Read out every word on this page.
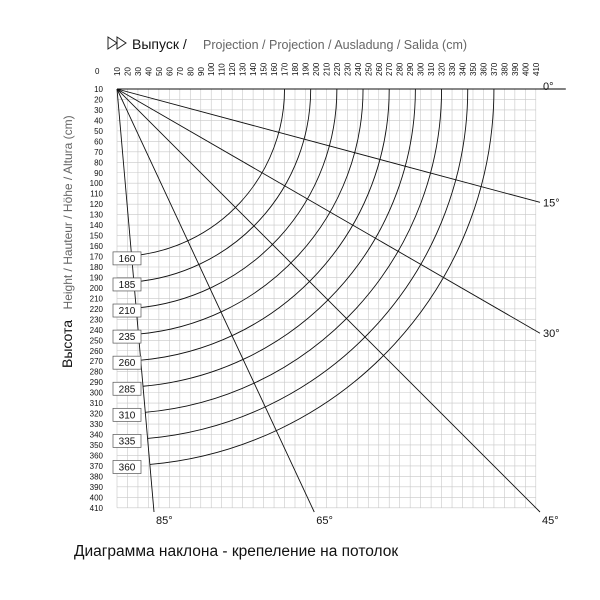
10 20 30 40 50 60 70 80 90 100 110 120 130 140 150 160 170 180 190 200 210 220 230 240 250 260 270 280 290 300 310 320 330 340 350 360 370 380 390 400 410
10
20
30
40
50
60
70
80
90
100
110
120
130
140
150
160
170
180
190
200
210
220
230
240
250
260
270
280
290
300
310
320
330
340
350
360
370
380
390
400
410
160
185
210
235
260
285
310
335
360
0°
15°
30°
45°
65°
85°
Выпуск / Projection / Projection / Ausladung / Salida (cm)
0
Высота Height / Hauteur / Höhe / Altura (cm)
Диаграмма наклона - крепеление на потолок
